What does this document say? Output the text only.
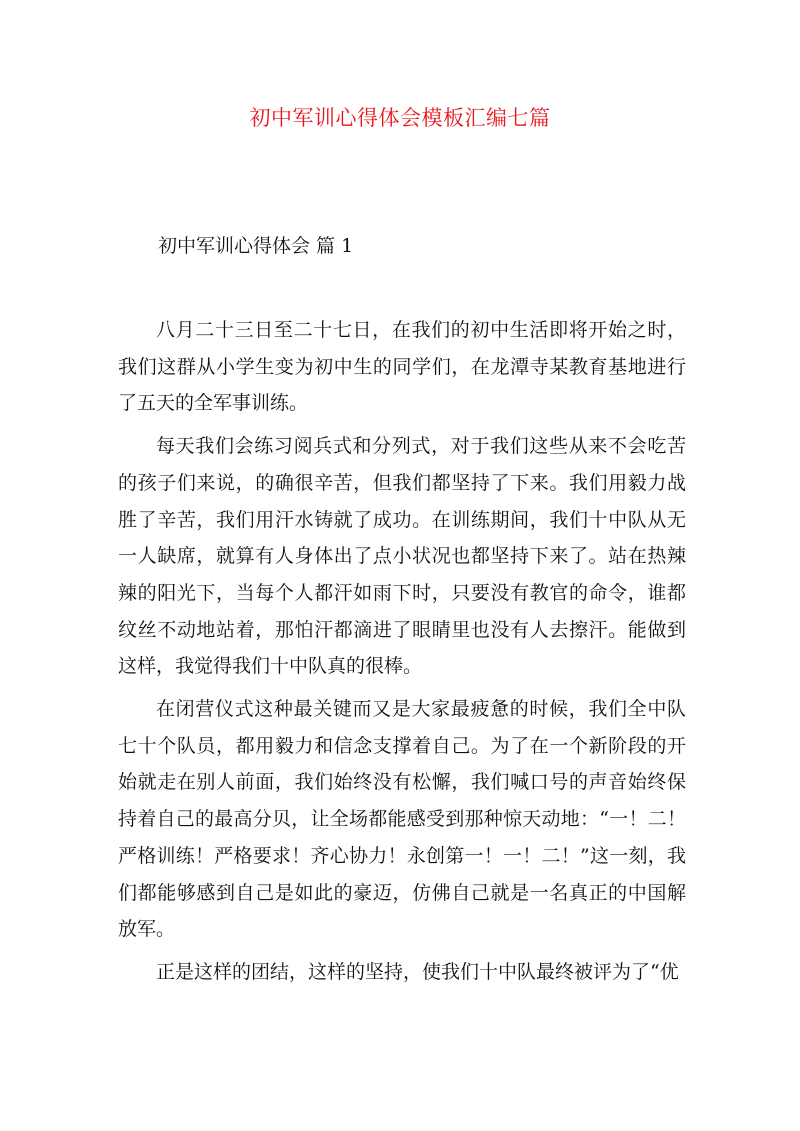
初中军训心得体会模板汇编七篇
初中军训心得体会 篇 1

八月二十三日至二十七日，在我们的初中生活即将开始之时，我们这群从小学生变为初中生的同学们，在龙潭寺某教育基地进行了五天的全军事训练。

每天我们会练习阅兵式和分列式，对于我们这些从来不会吃苦的孩子们来说，的确很辛苦，但我们都坚持了下来。我们用毅力战胜了辛苦，我们用汗水铸就了成功。在训练期间，我们十中队从无一人缺席，就算有人身体出了点小状况也都坚持下来了。站在热辣辣的阳光下，当每个人都汗如雨下时，只要没有教官的命令，谁都纹丝不动地站着，那怕汗都滴进了眼睛里也没有人去擦汗。能做到这样，我觉得我们十中队真的很棒。

在闭营仪式这种最关键而又是大家最疲惫的时候，我们全中队七十个队员，都用毅力和信念支撑着自己。为了在一个新阶段的开始就走在别人前面，我们始终没有松懈，我们喊口号的声音始终保持着自己的最高分贝，让全场都能感受到那种惊天动地：“一！二！严格训练！严格要求！齐心协力！永创第一！一！二！”这一刻，我们都能够感到自己是如此的豪迈，仿佛自己就是一名真正的中国解放军。

正是这样的团结，这样的坚持，使我们十中队最终被评为了“优
